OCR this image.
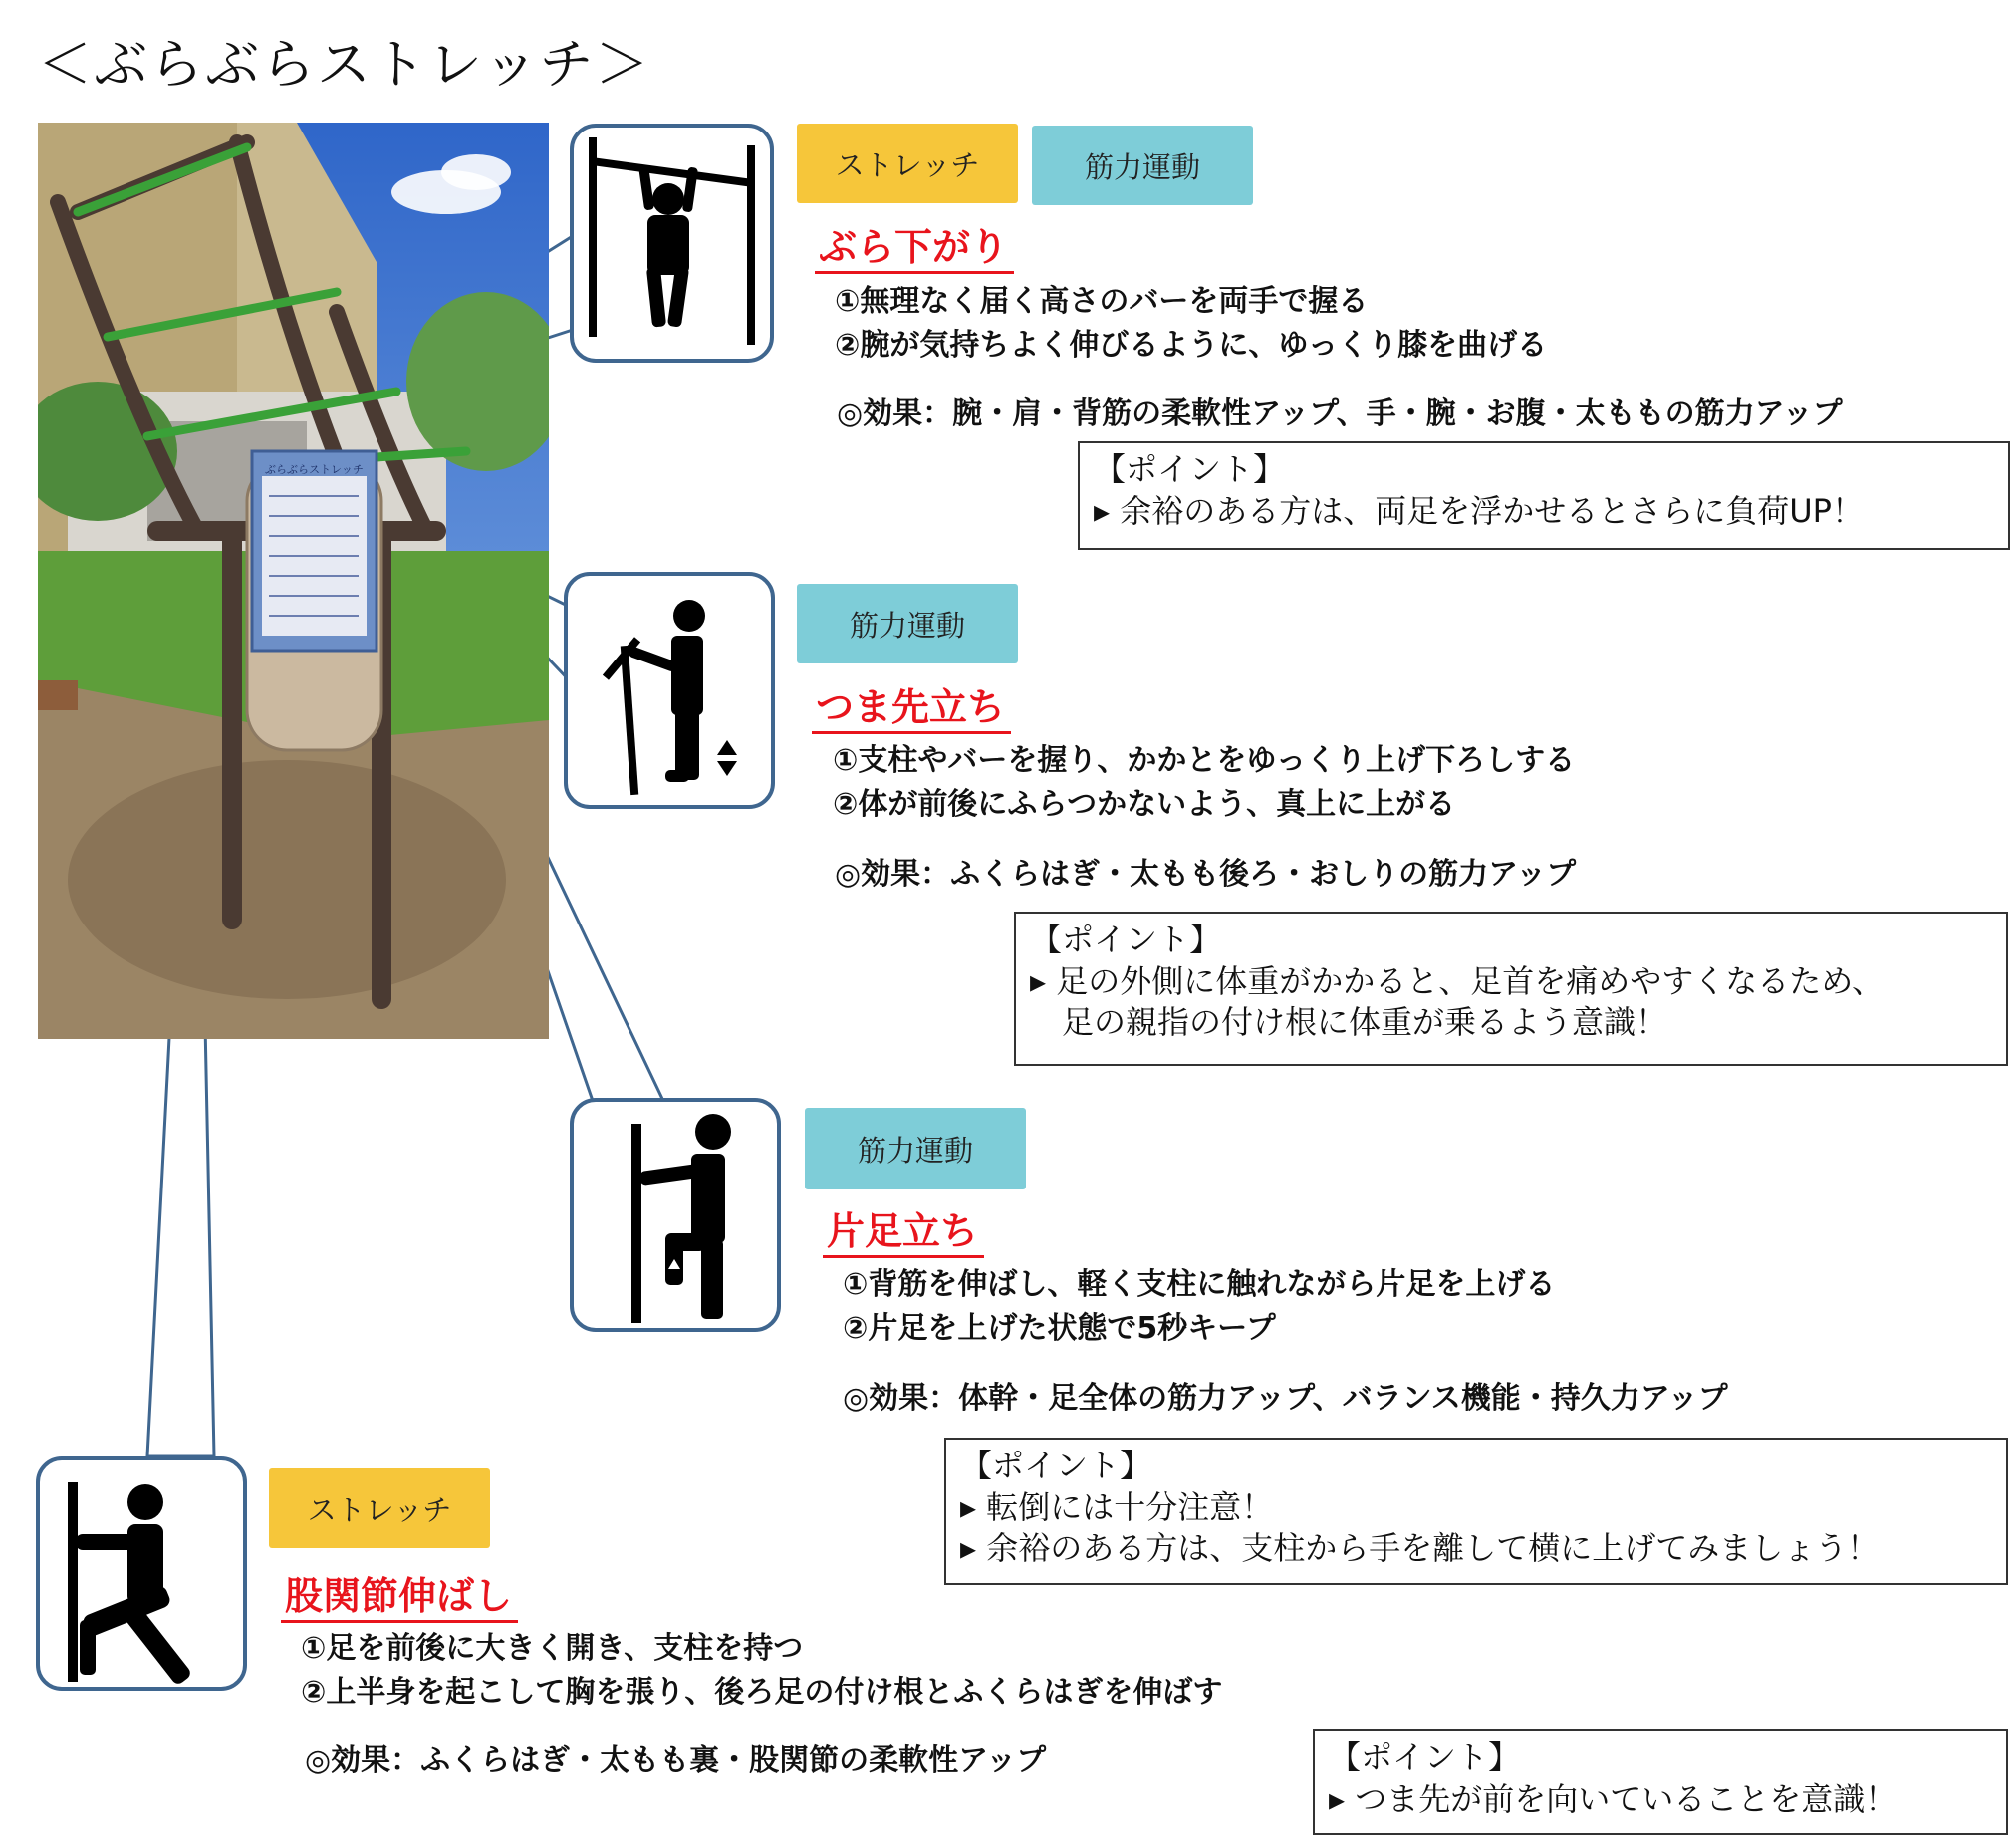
＜ぶらぶらストレッチ＞
ぶらぶらストレッチ
ストレッチ	筋力運動
ぶら下がり
①無理なく届く高さのバーを両手で握る
②腕が気持ちよく伸びるように、ゆっくり膝を曲げる
◎効果：腕・肩・背筋の柔軟性アップ、手・腕・お腹・太ももの筋力アップ
【ポイント】
▸ 余裕のある方は、両足を浮かせるとさらに負荷UP！
筋力運動
つま先立ち
①支柱やバーを握り、かかとをゆっくり上げ下ろしする
②体が前後にふらつかないよう、真上に上がる
◎効果：ふくらはぎ・太もも後ろ・おしりの筋力アップ
【ポイント】
▸ 足の外側に体重がかかると、足首を痛めやすくなるため、
　足の親指の付け根に体重が乗るよう意識！
筋力運動
片足立ち
①背筋を伸ばし、軽く支柱に触れながら片足を上げる
②片足を上げた状態で5秒キープ
◎効果：体幹・足全体の筋力アップ、バランス機能・持久力アップ
【ポイント】
▸ 転倒には十分注意！
▸ 余裕のある方は、支柱から手を離して横に上げてみましょう！
ストレッチ
股関節伸ばし
①足を前後に大きく開き、支柱を持つ
②上半身を起こして胸を張り、後ろ足の付け根とふくらはぎを伸ばす
◎効果：ふくらはぎ・太もも裏・股関節の柔軟性アップ	【ポイント】
▸ つま先が前を向いていることを意識！
